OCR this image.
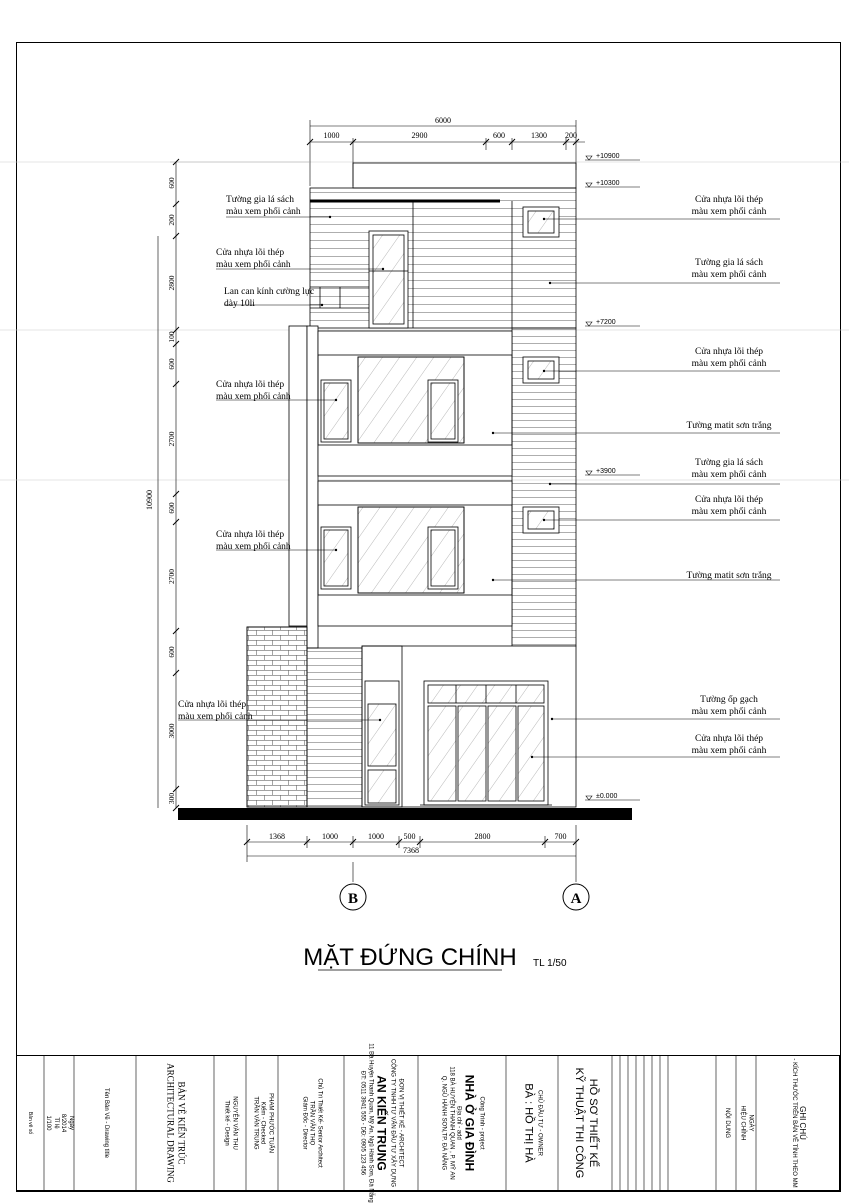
B	A
6000
1000	2900	600	1300 200
7368
1368	1000	1000 500	2800	700
300
3000
600
2700
600
2700
600
100
2800
200
600
10900
+10900
+10300
+7200
+3900
±0.000
Tường gia lá sách
màu xem phối cảnh
Cửa nhựa lõi thép
màu xem phối cảnh
Lan can kính cường lực
dày 10li
Cửa nhựa lõi thép
màu xem phối cảnh
Cửa nhựa lõi thép
màu xem phối cảnh
Cửa nhựa lõi thép
màu xem phối cảnh
Cửa nhựa lõi thép
màu xem phối cảnh
Tường gia lá sách
màu xem phối cảnh
Cửa nhựa lõi thép
màu xem phối cảnh
Tường matit sơn trắng
Tường gia lá sách
màu xem phối cảnh
Cửa nhựa lõi thép
màu xem phối cảnh
Tường matit sơn trắng
Tường ốp gạch
màu xem phối cảnh
Cửa nhựa lõi thép
màu xem phối cảnh
MẶT ĐỨNG CHÍNH TL 1/50
Bản vẽ số	Ngày
8/2014
Tỉ lệ
1/100	Tên Bản Vẽ - Drawing title	BẢN VẼ KIẾN TRÚC
ARCHITECTURAL DRAWING	NGUYỄN VĂN THU
Thiết kế - Design	PHAM PHƯỚC TUẤN
Kiểm - Checked
TRẦN VĂN TRUNG	Chủ Trì Thiết Kế- Senior Architect
TRẦN VĂN THỌ
Giám Đốc - Director	ĐƠN VỊ THIẾT KẾ - ARCHITECT
CÔNG TY TNHH TƯ VẤN ĐẦU TƯ XÂY DỰNG
AN KIẾN TRUNG
11 Bà Huyện Thanh Quan, Mỹ An, Ngũ Hành Sơn, Đà Nẵng
ĐT: 0511 3941 555 - DĐ: 0905 123 456	Công Trình - project
NHÀ Ở GIA ĐÌNH
Địa chỉ - add
118 BÀ HUYỆN THANH QUAN , P. MỸ AN
Q. NGŨ HÀNH SƠN,TP. ĐÀ NẴNG	CHỦ ĐẦU TƯ - OWNER
BÀ : HỒ THỊ HÀ	HỒ SƠ THIẾT KẾ
KỸ THUẬT THI CÔNG	NỘI DUNG	NGÀY
HIỆU CHỈNH	GHI CHÚ
- KÍCH THƯỚC TRÊN BẢN VẼ TÍNH THEO MM
